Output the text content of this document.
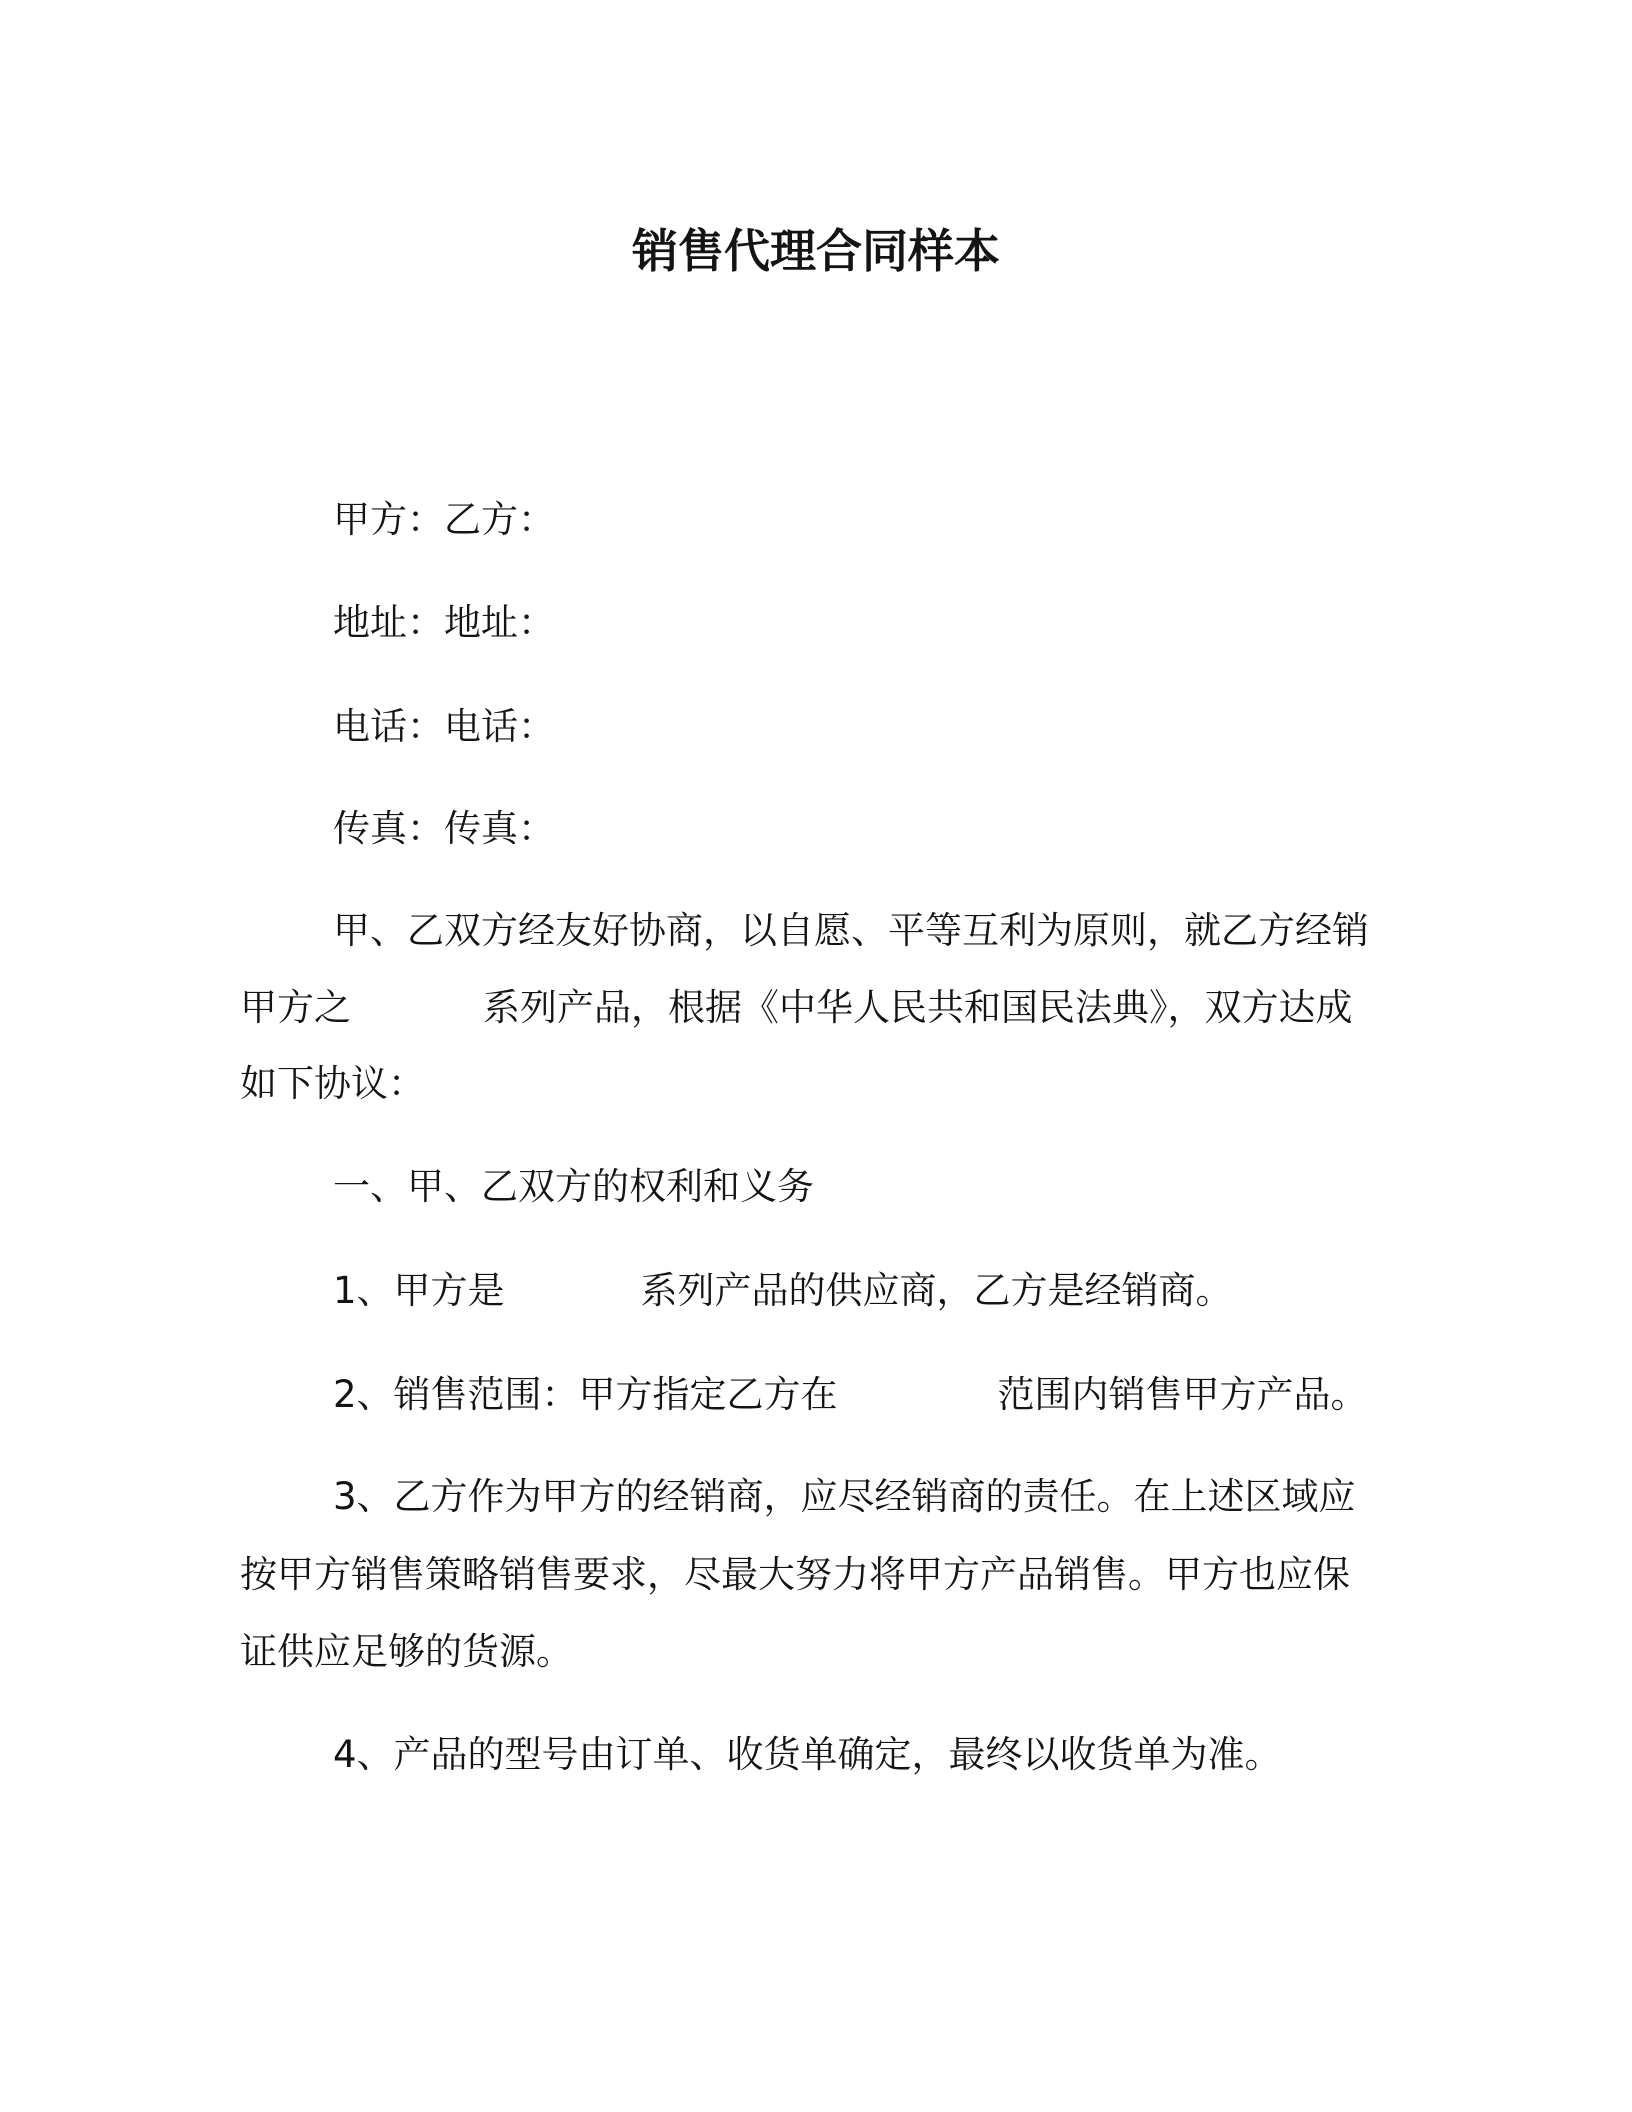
销售代理合同样本
甲方：乙方：
地址：地址：
电话：电话：
传真：传真：
甲、乙双方经友好协商，以自愿、平等互利为原则，就乙方经销
甲方之	系列产品，根据《中华人民共和国民法典》，双方达成
如下协议：
一、甲、乙双方的权利和义务
1、甲方是	系列产品的供应商，乙方是经销商。
2、销售范围：甲方指定乙方在	范围内销售甲方产品。
3、乙方作为甲方的经销商，应尽经销商的责任。在上述区域应
按甲方销售策略销售要求，尽最大努力将甲方产品销售。甲方也应保
证供应足够的货源。
4、产品的型号由订单、收货单确定，最终以收货单为准。
